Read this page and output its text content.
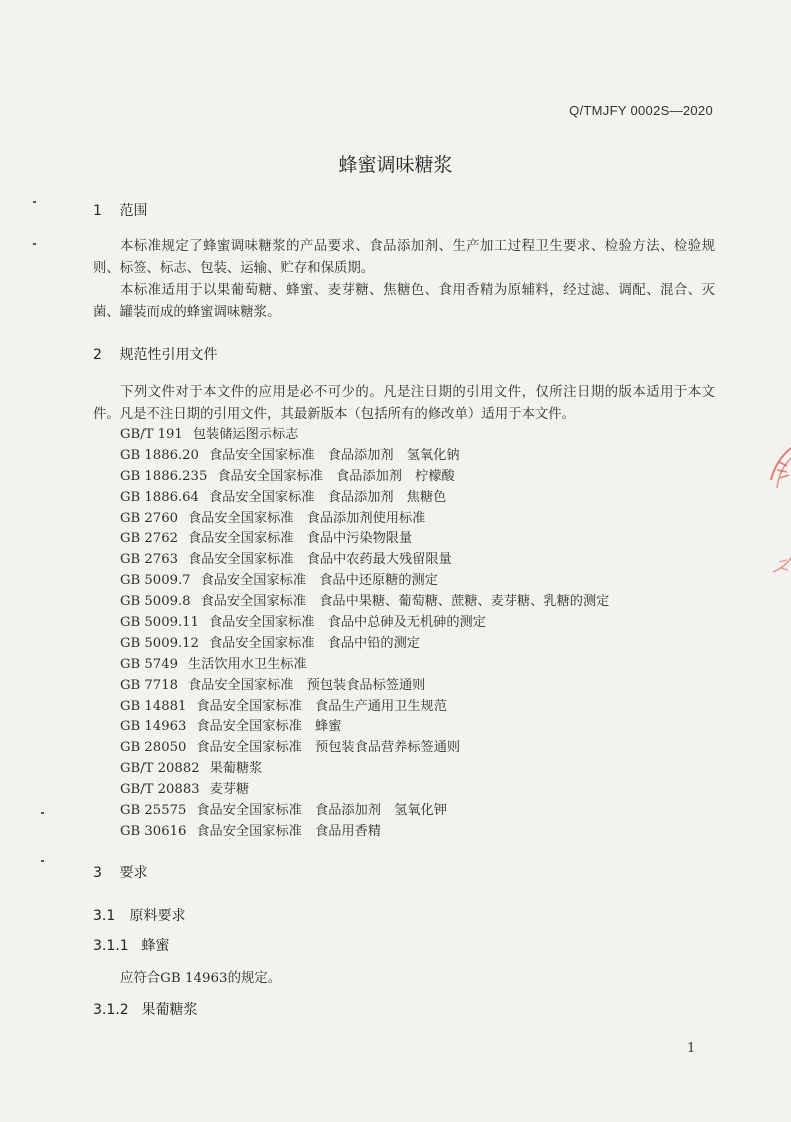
Q/TMJFY 0002S—2020
蜂蜜调味糖浆
1 范围
本标准规定了蜂蜜调味糖浆的产品要求、食品添加剂、生产加工过程卫生要求、检验方法、检验规则、标签、标志、包装、运输、贮存和保质期。
本标准适用于以果葡萄糖、蜂蜜、麦芽糖、焦糖色、食用香精为原辅料，经过滤、调配、混合、灭菌、罐装而成的蜂蜜调味糖浆。
2 规范性引用文件
下列文件对于本文件的应用是必不可少的。凡是注日期的引用文件，仅所注日期的版本适用于本文件。凡是不注日期的引用文件，其最新版本（包括所有的修改单）适用于本文件。
GB/T 191 包装储运图示标志
GB 1886.20 食品安全国家标准　食品添加剂　氢氧化钠
GB 1886.235 食品安全国家标准　食品添加剂　柠檬酸
GB 1886.64 食品安全国家标准　食品添加剂　焦糖色
GB 2760 食品安全国家标准　食品添加剂使用标准
GB 2762 食品安全国家标准　食品中污染物限量
GB 2763 食品安全国家标准　食品中农药最大残留限量
GB 5009.7 食品安全国家标准　食品中还原糖的测定
GB 5009.8 食品安全国家标准　食品中果糖、葡萄糖、蔗糖、麦芽糖、乳糖的测定
GB 5009.11 食品安全国家标准　食品中总砷及无机砷的测定
GB 5009.12 食品安全国家标准　食品中铅的测定
GB 5749 生活饮用水卫生标准
GB 7718 食品安全国家标准　预包装食品标签通则
GB 14881 食品安全国家标准　食品生产通用卫生规范
GB 14963 食品安全国家标准　蜂蜜
GB 28050 食品安全国家标准　预包装食品营养标签通则
GB/T 20882 果葡糖浆
GB/T 20883 麦芽糖
GB 25575 食品安全国家标准　食品添加剂　氢氧化钾
GB 30616 食品安全国家标准　食品用香精
3 要求
3.1 原料要求
3.1.1 蜂蜜
应符合GB 14963的规定。
3.1.2 果葡糖浆
1
